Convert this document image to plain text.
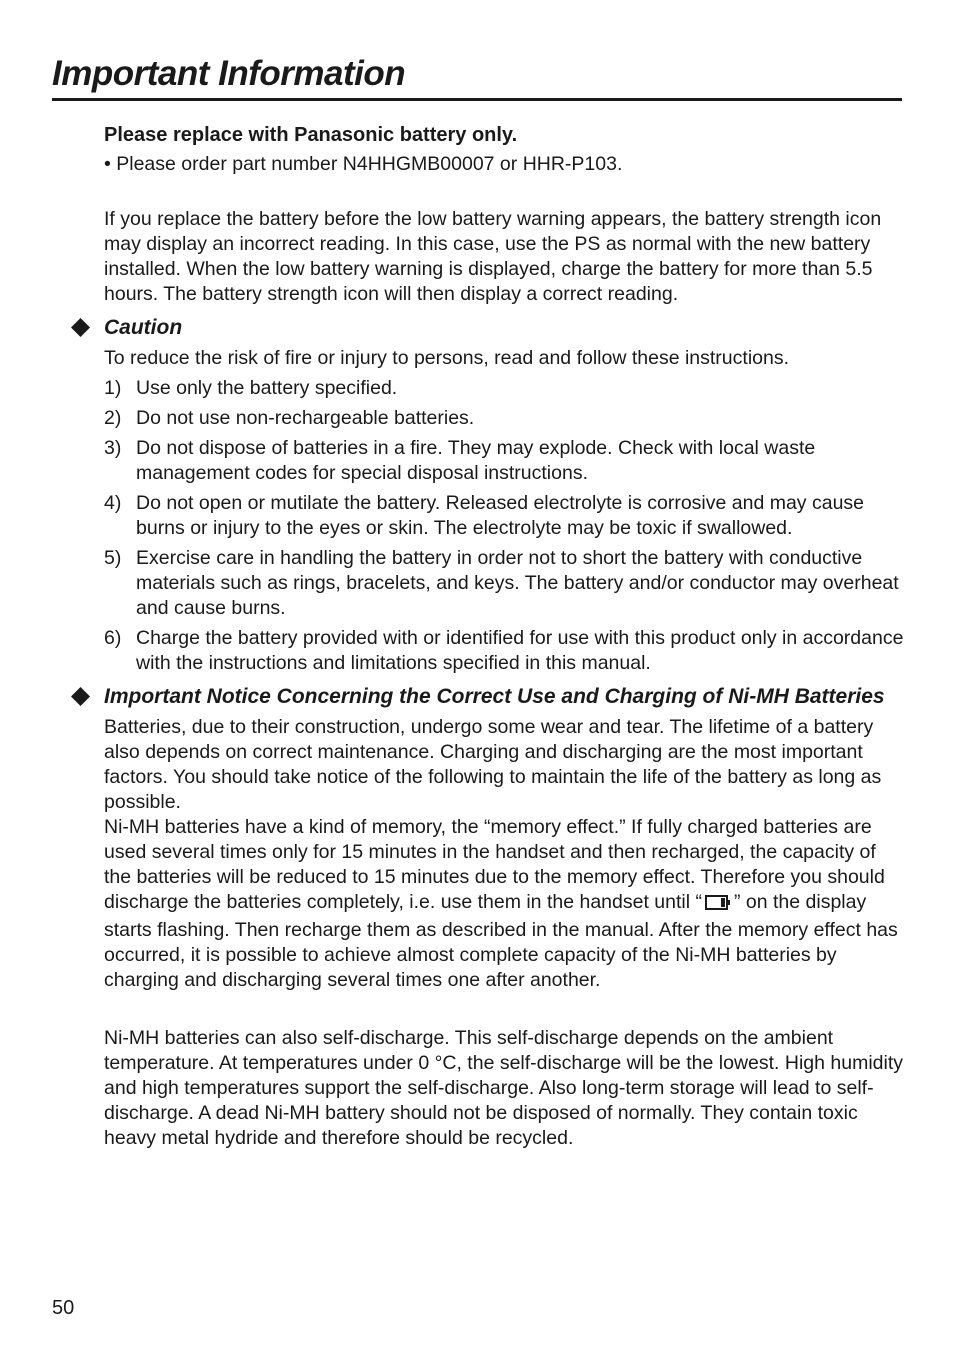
Important Information

Please replace with Panasonic battery only.

• Please order part number N4HHGMB00007 or HHR-P103.

If you replace the battery before the low battery warning appears, the battery strength icon may display an incorrect reading. In this case, use the PS as normal with the new battery installed. When the low battery warning is displayed, charge the battery for more than 5.5 hours. The battery strength icon will then display a correct reading.

Caution

To reduce the risk of fire or injury to persons, read and follow these instructions.

1) Use only the battery specified.
2) Do not use non-rechargeable batteries.
3) Do not dispose of batteries in a fire. They may explode. Check with local waste management codes for special disposal instructions.
4) Do not open or mutilate the battery. Released electrolyte is corrosive and may cause burns or injury to the eyes or skin. The electrolyte may be toxic if swallowed.
5) Exercise care in handling the battery in order not to short the battery with conductive materials such as rings, bracelets, and keys. The battery and/or conductor may overheat and cause burns.
6) Charge the battery provided with or identified for use with this product only in accordance with the instructions and limitations specified in this manual.
Important Notice Concerning the Correct Use and Charging of Ni-MH Batteries

Batteries, due to their construction, undergo some wear and tear. The lifetime of a battery also depends on correct maintenance. Charging and discharging are the most important factors. You should take notice of the following to maintain the life of the battery as long as possible.

Ni-MH batteries have a kind of memory, the “memory effect.” If fully charged batteries are used several times only for 15 minutes in the handset and then recharged, the capacity of the batteries will be reduced to 15 minutes due to the memory effect. Therefore you should discharge the batteries completely, i.e. use them in the handset until “ ” on the display starts flashing. Then recharge them as described in the manual. After the memory effect has occurred, it is possible to achieve almost complete capacity of the Ni-MH batteries by charging and discharging several times one after another.

Ni-MH batteries can also self-discharge. This self-discharge depends on the ambient temperature. At temperatures under 0 °C, the self-discharge will be the lowest. High humidity and high temperatures support the self-discharge. Also long-term storage will lead to self-discharge. A dead Ni-MH battery should not be disposed of normally. They contain toxic heavy metal hydride and therefore should be recycled.

50
